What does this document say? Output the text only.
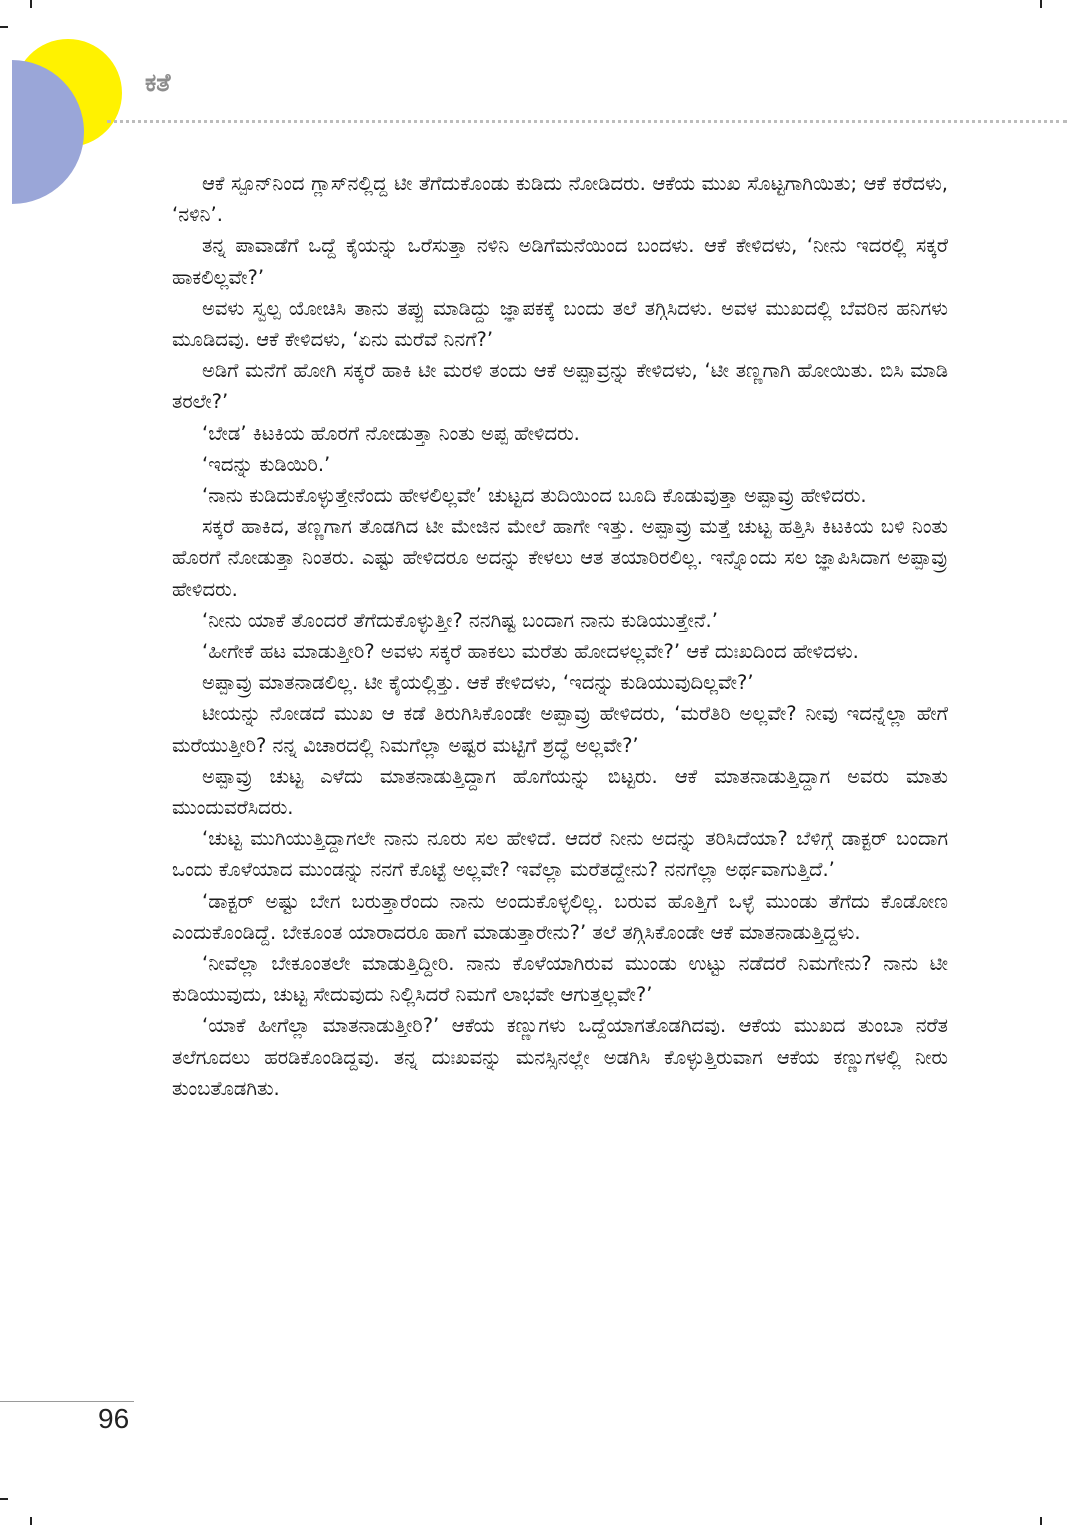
ಕತೆ

ಆಕೆ ಸ್ಪೂನ್‌ನಿಂದ ಗ್ಲಾಸ್‌ನಲ್ಲಿದ್ದ ಟೀ ತೆಗೆದುಕೊಂಡು ಕುಡಿದು ನೋಡಿದರು. ಆಕೆಯ ಮುಖ ಸೊಟ್ಟಗಾಗಿಯಿತು; ಆಕೆ ಕರೆದಳು, ‘ನಳಿನಿ’.

ತನ್ನ ಪಾವಾಡೆಗೆ ಒದ್ದೆ ಕೈಯನ್ನು ಒರೆಸುತ್ತಾ ನಳಿನಿ ಅಡಿಗೆಮನೆಯಿಂದ ಬಂದಳು. ಆಕೆ ಕೇಳಿದಳು, ‘ನೀನು ಇದರಲ್ಲಿ ಸಕ್ಕರೆ ಹಾಕಲಿಲ್ಲವೇ?’

ಅವಳು ಸ್ವಲ್ಪ ಯೋಚಿಸಿ ತಾನು ತಪ್ಪು ಮಾಡಿದ್ದು ಜ್ಞಾಪಕಕ್ಕೆ ಬಂದು ತಲೆ ತಗ್ಗಿಸಿದಳು. ಅವಳ ಮುಖದಲ್ಲಿ ಬೆವರಿನ ಹನಿಗಳು ಮೂಡಿದವು. ಆಕೆ ಕೇಳಿದಳು, ‘ಏನು ಮರೆವೆ ನಿನಗೆ?’

ಅಡಿಗೆ ಮನೆಗೆ ಹೋಗಿ ಸಕ್ಕರೆ ಹಾಕಿ ಟೀ ಮರಳಿ ತಂದು ಆಕೆ ಅಪ್ಪಾವ್ರನ್ನು ಕೇಳಿದಳು, ‘ಟೀ ತಣ್ಣಗಾಗಿ ಹೋಯಿತು. ಬಿಸಿ ಮಾಡಿ ತರಲೇ?’

‘ಬೇಡ’ ಕಿಟಕಿಯ ಹೊರಗೆ ನೋಡುತ್ತಾ ನಿಂತು ಅಪ್ಪ ಹೇಳಿದರು.

‘ಇದನ್ನು ಕುಡಿಯಿರಿ.’

‘ನಾನು ಕುಡಿದುಕೊಳ್ಳುತ್ತೇನೆಂದು ಹೇಳಲಿಲ್ಲವೇ’ ಚುಟ್ಟದ ತುದಿಯಿಂದ ಬೂದಿ ಕೊಡುವುತ್ತಾ ಅಪ್ಪಾವ್ರು ಹೇಳಿದರು.

ಸಕ್ಕರೆ ಹಾಕಿದ, ತಣ್ಣಗಾಗ ತೊಡಗಿದ ಟೀ ಮೇಜಿನ ಮೇಲೆ ಹಾಗೇ ಇತ್ತು. ಅಪ್ಪಾವ್ರು ಮತ್ತೆ ಚುಟ್ಟ ಹತ್ತಿಸಿ ಕಿಟಕಿಯ ಬಳಿ ನಿಂತು ಹೊರಗೆ ನೋಡುತ್ತಾ ನಿಂತರು. ಎಷ್ಟು ಹೇಳಿದರೂ ಅದನ್ನು ಕೇಳಲು ಆತ ತಯಾರಿರಲಿಲ್ಲ. ಇನ್ನೊಂದು ಸಲ ಜ್ಞಾಪಿಸಿದಾಗ ಅಪ್ಪಾವ್ರು ಹೇಳಿದರು.

‘ನೀನು ಯಾಕೆ ತೊಂದರೆ ತೆಗೆದುಕೊಳ್ಳುತ್ತೀ? ನನಗಿಷ್ಟ ಬಂದಾಗ ನಾನು ಕುಡಿಯುತ್ತೇನೆ.’

‘ಹೀಗೇಕೆ ಹಟ ಮಾಡುತ್ತೀರಿ? ಅವಳು ಸಕ್ಕರೆ ಹಾಕಲು ಮರೆತು ಹೋದಳಲ್ಲವೇ?’ ಆಕೆ ದುಃಖದಿಂದ ಹೇಳಿದಳು.

ಅಪ್ಪಾವ್ರು ಮಾತನಾಡಲಿಲ್ಲ. ಟೀ ಕೈಯಲ್ಲಿತ್ತು. ಆಕೆ ಕೇಳಿದಳು, ‘ಇದನ್ನು ಕುಡಿಯುವುದಿಲ್ಲವೇ?’

ಟೀಯನ್ನು ನೋಡದೆ ಮುಖ ಆ ಕಡೆ ತಿರುಗಿಸಿಕೊಂಡೇ ಅಪ್ಪಾವ್ರು ಹೇಳಿದರು, ‘ಮರೆತಿರಿ ಅಲ್ಲವೇ? ನೀವು ಇದನ್ನೆಲ್ಲಾ ಹೇಗೆ ಮರೆಯುತ್ತೀರಿ? ನನ್ನ ವಿಚಾರದಲ್ಲಿ ನಿಮಗೆಲ್ಲಾ ಅಷ್ಟರ ಮಟ್ಟಿಗೆ ಶ್ರದ್ಧೆ ಅಲ್ಲವೇ?’

ಅಪ್ಪಾವ್ರು ಚುಟ್ಟ ಎಳೆದು ಮಾತನಾಡುತ್ತಿದ್ದಾಗ ಹೊಗೆಯನ್ನು ಬಿಟ್ಟರು. ಆಕೆ ಮಾತನಾಡುತ್ತಿದ್ದಾಗ ಅವರು ಮಾತು ಮುಂದುವರೆಸಿದರು.

‘ಚುಟ್ಟ ಮುಗಿಯುತ್ತಿದ್ದಾಗಲೇ ನಾನು ನೂರು ಸಲ ಹೇಳಿದೆ. ಆದರೆ ನೀನು ಅದನ್ನು ತರಿಸಿದೆಯಾ? ಬೆಳಿಗ್ಗೆ ಡಾಕ್ಟರ್ ಬಂದಾಗ ಒಂದು ಕೊಳೆಯಾದ ಮುಂಡನ್ನು ನನಗೆ ಕೊಟ್ಟೆ ಅಲ್ಲವೇ? ಇವೆಲ್ಲಾ ಮರೆತದ್ದೇನು? ನನಗೆಲ್ಲಾ ಅರ್ಥವಾಗುತ್ತಿದೆ.’

‘ಡಾಕ್ಟರ್ ಅಷ್ಟು ಬೇಗ ಬರುತ್ತಾರೆಂದು ನಾನು ಅಂದುಕೊಳ್ಳಲಿಲ್ಲ. ಬರುವ ಹೊತ್ತಿಗೆ ಒಳ್ಳೆ ಮುಂಡು ತೆಗೆದು ಕೊಡೋಣ ಎಂದುಕೊಂಡಿದ್ದೆ. ಬೇಕೂಂತ ಯಾರಾದರೂ ಹಾಗೆ ಮಾಡುತ್ತಾರೇನು?’ ತಲೆ ತಗ್ಗಿಸಿಕೊಂಡೇ ಆಕೆ ಮಾತನಾಡುತ್ತಿದ್ದಳು.

‘ನೀವೆಲ್ಲಾ ಬೇಕೂಂತಲೇ ಮಾಡುತ್ತಿದ್ದೀರಿ. ನಾನು ಕೊಳೆಯಾಗಿರುವ ಮುಂಡು ಉಟ್ಟು ನಡೆದರೆ ನಿಮಗೇನು? ನಾನು ಟೀ ಕುಡಿಯುವುದು, ಚುಟ್ಟ ಸೇದುವುದು ನಿಲ್ಲಿಸಿದರೆ ನಿಮಗೆ ಲಾಭವೇ ಆಗುತ್ತಲ್ಲವೇ?’

‘ಯಾಕೆ ಹೀಗೆಲ್ಲಾ ಮಾತನಾಡುತ್ತೀರಿ?’ ಆಕೆಯ ಕಣ್ಣುಗಳು ಒದ್ದೆಯಾಗತೊಡಗಿದವು. ಆಕೆಯ ಮುಖದ ತುಂಬಾ ನರೆತ ತಲೆಗೂದಲು ಹರಡಿಕೊಂಡಿದ್ದವು. ತನ್ನ ದುಃಖವನ್ನು ಮನಸ್ಸಿನಲ್ಲೇ ಅಡಗಿಸಿ ಕೊಳ್ಳುತ್ತಿರುವಾಗ ಆಕೆಯ ಕಣ್ಣುಗಳಲ್ಲಿ ನೀರು ತುಂಬತೊಡಗಿತು.

96
